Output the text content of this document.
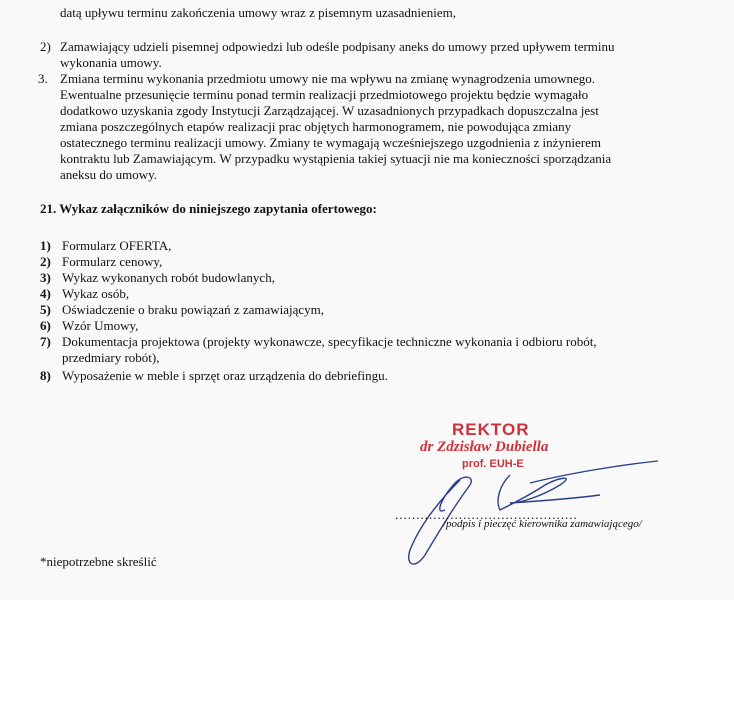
datą upływu terminu zakończenia umowy wraz z pisemnym uzasadnieniem,
2) Zamawiający udzieli pisemnej odpowiedzi lub odeśle podpisany aneks do umowy przed upływem terminu
wykonania umowy.
3. Zmiana terminu wykonania przedmiotu umowy nie ma wpływu na zmianę wynagrodzenia umownego.
Ewentualne przesunięcie terminu ponad termin realizacji przedmiotowego projektu będzie wymagało
dodatkowo uzyskania zgody Instytucji Zarządzającej. W uzasadnionych przypadkach dopuszczalna jest
zmiana poszczególnych etapów realizacji prac objętych harmonogramem, nie powodująca zmiany
ostatecznego terminu realizacji umowy. Zmiany te wymagają wcześniejszego uzgodnienia z inżynierem
kontraktu lub Zamawiającym. W przypadku wystąpienia takiej sytuacji nie ma konieczności sporządzania
aneksu do umowy.
21. Wykaz załączników do niniejszego zapytania ofertowego:
1) Formularz OFERTA,
2) Formularz cenowy,
3) Wykaz wykonanych robót budowlanych,
4) Wykaz osób,
5) Oświadczenie o braku powiązań z zamawiającym,
6) Wzór Umowy,
7) Dokumentacja projektowa (projekty wykonawcze, specyfikacje techniczne wykonania i odbioru robót,
przedmiary robót),
8) Wyposażenie w meble i sprzęt oraz urządzenia do debriefingu.
REKTOR
dr Zdzisław Dubiella
prof. EUH-E
...........................................
/podpis i pieczęć kierownika zamawiającego/
*niepotrzebne skreślić
